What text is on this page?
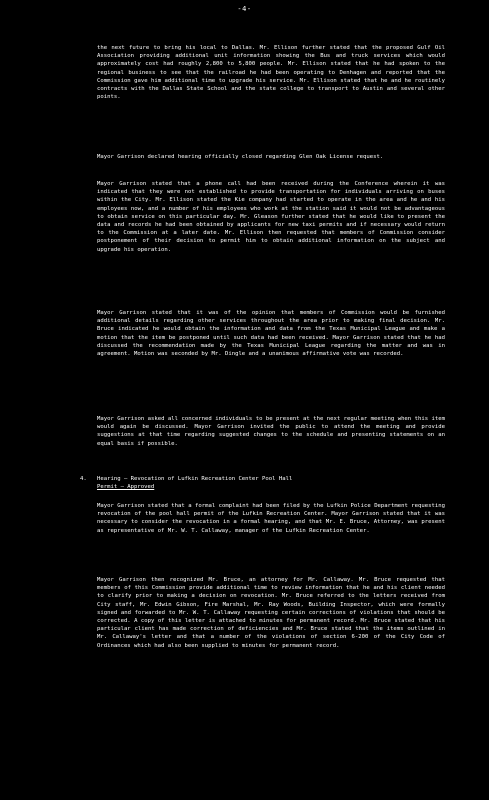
-4-

the next future to bring his local to Dallas. Mr. Ellison further stated that the proposed Gulf Oil Association providing additional unit information showing the Bus and truck services which would approximately cost had roughly 2,800 to 5,800 people. Mr. Ellison stated that he had spoken to the regional business to see that the railroad he had been operating to Denhagen and reported that the Commission gave him additional time to upgrade his service. Mr. Ellison stated that he and he routinely contracts with the Dallas State School and the state college to transport to Austin and several other points.

Mayor Garrison declared hearing officially closed regarding Glen Oak License request.

Mayor Garrison stated that a phone call had been received during the Conference wherein it was indicated that they were not established to provide transportation for individuals arriving on buses within the City. Mr. Ellison stated the Kie company had started to operate in the area and he and his employees now, and a number of his employees who work at the station said it would not be advantageous to obtain service on this particular day. Mr. Gleason further stated that he would like to present the data and records he had been obtained by applicants for new taxi permits and if necessary would return to the Commission at a later date. Mr. Ellison then requested that members of Commission consider postponement of their decision to permit him to obtain additional information on the subject and upgrade his operation.

Mayor Garrison stated that it was of the opinion that members of Commission would be furnished additional details regarding other services throughout the area prior to making final decision. Mr. Bruce indicated he would obtain the information and data from the Texas Municipal League and make a motion that the item be postponed until such data had been received. Mayor Garrison stated that he had discussed the recommendation made by the Texas Municipal League regarding the matter and was in agreement. Motion was seconded by Mr. Dingle and a unanimous affirmative vote was recorded.

Mayor Garrison asked all concerned individuals to be present at the next regular meeting when this item would again be discussed. Mayor Garrison invited the public to attend the meeting and provide suggestions at that time regarding suggested changes to the schedule and presenting statements on an equal basis if possible.

4. Hearing – Revocation of Lufkin Recreation Center Pool Hall
Permit – Approved

Mayor Garrison stated that a formal complaint had been filed by the Lufkin Police Department requesting revocation of the pool hall permit of the Lufkin Recreation Center. Mayor Garrison stated that it was necessary to consider the revocation in a formal hearing, and that Mr. E. Bruce, Attorney, was present as representative of Mr. W. T. Callaway, manager of the Lufkin Recreation Center.

Mayor Garrison then recognized Mr. Bruce, an attorney for Mr. Callaway. Mr. Bruce requested that members of this Commission provide additional time to review information that he and his client needed to clarify prior to making a decision on revocation. Mr. Bruce referred to the letters received from City staff, Mr. Edwin Gibson, Fire Marshal, Mr. Ray Woods, Building Inspector, which were formally signed and forwarded to Mr. W. T. Callaway requesting certain corrections of violations that should be corrected. A copy of this letter is attached to minutes for permanent record. Mr. Bruce stated that his particular client has made correction of deficiencies and Mr. Bruce stated that the items outlined in Mr. Callaway's letter and that a number of the violations of section 6-200 of the City Code of Ordinances which had also been supplied to minutes for permanent record.
